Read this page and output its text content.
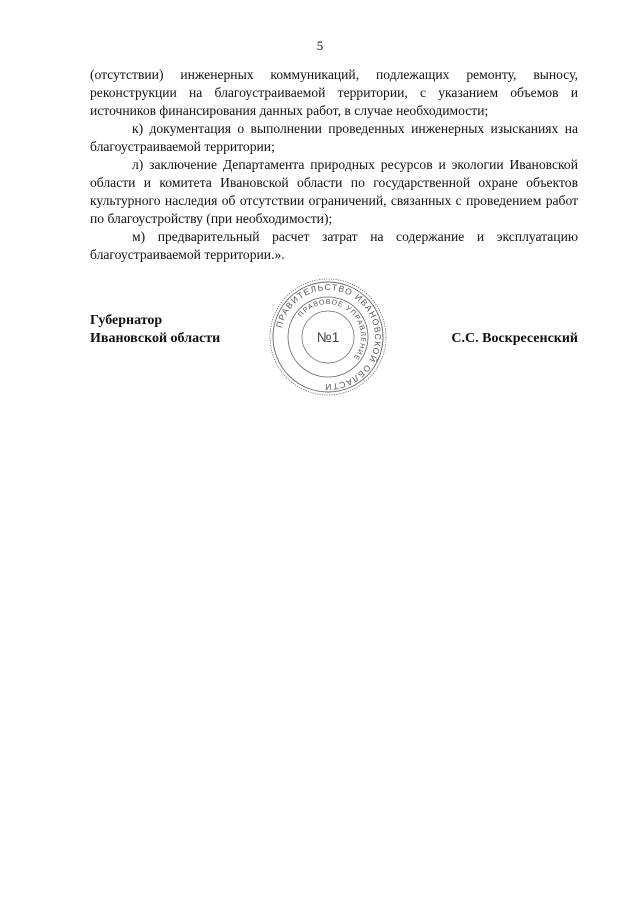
5

(отсутствии) инженерных коммуникаций, подлежащих ремонту, выносу, реконструкции на благоустраиваемой территории, с указанием объемов и источников финансирования данных работ, в случае необходимости;

к) документация о выполнении проведенных инженерных изысканиях на благоустраиваемой территории;

л) заключение Департамента природных ресурсов и экологии Ивановской области и комитета Ивановской области по государственной охране объектов культурного наследия об отсутствии ограничений, связанных с проведением работ по благоустройству (при необходимости);

м) предварительный расчет затрат на содержание и эксплуатацию благоустраиваемой территории.».

Губернатор
Ивановской области
ПРАВИТЕЛЬСТВО ИВАНОВСКОЙ ОБЛАСТИ
ПРАВОВОЕ УПРАВЛЕНИЕ
№1	С.С. Воскресенский
